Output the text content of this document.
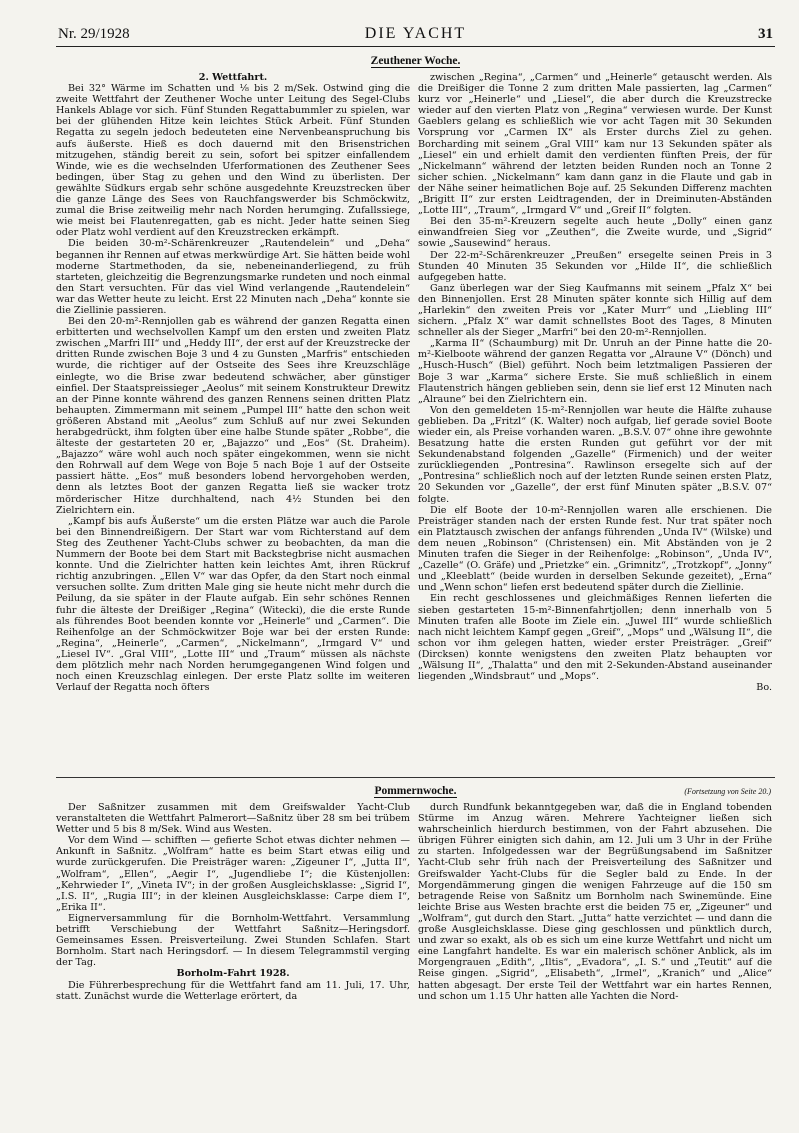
Nr. 29/1928	DIE YACHT	31
Zeuthener Woche.

2. Wettfahrt.

Bei 32° Wärme im Schatten und ⅛ bis 2 m/Sek. Ostwind ging die zweite Wettfahrt der Zeuthener Woche unter Leitung des Segel-Clubs Hankels Ablage vor sich. Fünf Stunden Regattabummler zu spielen, war bei der glühenden Hitze kein leichtes Stück Arbeit. Fünf Stunden Regatta zu segeln jedoch bedeuteten eine Nervenbeanspruchung bis aufs äußerste. Hieß es doch dauernd mit den Brisenstrichen mitzugehen, ständig bereit zu sein, sofort bei spitzer einfallendem Winde, wie es die wechselnden Uferformationen des Zeuthener Sees bedingen, über Stag zu gehen und den Wind zu überlisten. Der gewählte Südkurs ergab sehr schöne ausgedehnte Kreuzstrecken über die ganze Länge des Sees von Rauchfangswerder bis Schmöckwitz, zumal die Brise zeitweilig mehr nach Norden herumging. Zufallssiege, wie meist bei Flautenregatten, gab es nicht. Jeder hatte seinen Sieg oder Platz wohl verdient auf den Kreuzstrecken erkämpft.

Die beiden 30-m²-Schärenkreuzer „Rautendelein“ und „Deha“ begannen ihr Rennen auf etwas merkwürdige Art. Sie hätten beide wohl moderne Startmethoden, da sie, nebeneinanderliegend, zu früh starteten, gleichzeitig die Begrenzungsmarke rundeten und noch einmal den Start versuchten. Für das viel Wind verlangende „Rautendelein“ war das Wetter heute zu leicht. Erst 22 Minuten nach „Deha“ konnte sie die Ziellinie passieren.

Bei den 20-m²-Rennjollen gab es während der ganzen Regatta einen erbitterten und wechselvollen Kampf um den ersten und zweiten Platz zwischen „Marfri III“ und „Heddy III“, der erst auf der Kreuzstrecke der dritten Runde zwischen Boje 3 und 4 zu Gunsten „Marfris“ entschieden wurde, die richtiger auf der Ostseite des Sees ihre Kreuzschläge einlegte, wo die Brise zwar bedeutend schwächer, aber günstiger einfiel. Der Staatspreissieger „Aeolus“ mit seinem Konstrukteur Drewitz an der Pinne konnte während des ganzen Rennens seinen dritten Platz behaupten. Zimmermann mit seinem „Pumpel III“ hatte den schon weit größeren Abstand mit „Aeolus“ zum Schluß auf nur zwei Sekunden herabgedrückt, ihm folgten über eine halbe Stunde später „Robbe“, die älteste der gestarteten 20 er, „Bajazzo“ und „Eos“ (St. Draheim). „Bajazzo“ wäre wohl auch noch später eingekommen, wenn sie nicht den Rohrwall auf dem Wege von Boje 5 nach Boje 1 auf der Ostseite passiert hätte. „Eos“ muß besonders lobend hervorgehoben werden, denn als letztes Boot der ganzen Regatta ließ sie wacker trotz mörderischer Hitze durchhaltend, nach 4½ Stunden bei den Zielrichtern ein.

„Kampf bis aufs Äußerste“ um die ersten Plätze war auch die Parole bei den Binnendreißigern. Der Start war vom Richterstand auf dem Steg des Zeuthener Yacht-Clubs schwer zu beobachten, da man die Nummern der Boote bei dem Start mit Backstegbrise nicht ausmachen konnte. Und die Zielrichter hatten kein leichtes Amt, ihren Rückruf richtig anzubringen. „Ellen V“ war das Opfer, da den Start noch einmal versuchen sollte. Zum dritten Male ging sie heute nicht mehr durch die Peilung, da sie später in der Flaute aufgab. Ein sehr schönes Rennen fuhr die älteste der Dreißiger „Regina“ (Witecki), die die erste Runde als führendes Boot beenden konnte vor „Heinerle“ und „Carmen“. Die Reihenfolge an der Schmöckwitzer Boje war bei der ersten Runde: „Regina“, „Heinerle“, „Carmen“, „Nickelmann“, „Irmgard V“ und „Liesel IV“. „Gral VIII“, „Lotte III“ und „Traum“ müssen als nächste dem plötzlich mehr nach Norden herumgegangenen Wind folgen und noch einen Kreuzschlag einlegen. Der erste Platz sollte im weiteren Verlauf der Regatta noch öfters

zwischen „Regina“, „Carmen“ und „Heinerle“ getauscht werden. Als die Dreißiger die Tonne 2 zum dritten Male passierten, lag „Carmen“ kurz vor „Heinerle“ und „Liesel“, die aber durch die Kreuzstrecke wieder auf den vierten Platz von „Regina“ verwiesen wurde. Der Kunst Gaeblers gelang es schließlich wie vor acht Tagen mit 30 Sekunden Vorsprung vor „Carmen IX“ als Erster durchs Ziel zu gehen. Borcharding mit seinem „Gral VIII“ kam nur 13 Sekunden später als „Liesel“ ein und erhielt damit den verdienten fünften Preis, der für „Nickelmann“ während der letzten beiden Runden noch an Tonne 2 sicher schien. „Nickelmann“ kam dann ganz in die Flaute und gab in der Nähe seiner heimatlichen Boje auf. 25 Sekunden Differenz machten „Brigitt II“ zur ersten Leidtragenden, der in Dreiminuten-Abständen „Lotte III“, „Traum“, „Irmgard V“ und „Greif II“ folgten.

Bei den 35-m²-Kreuzern segelte auch heute „Dolly“ einen ganz einwandfreien Sieg vor „Zeuthen“, die Zweite wurde, und „Sigrid“ sowie „Sausewind“ heraus.

Der 22-m²-Schärenkreuzer „Preußen“ ersegelte seinen Preis in 3 Stunden 40 Minuten 35 Sekunden vor „Hilde II“, die schließlich aufgegeben hatte.

Ganz überlegen war der Sieg Kaufmanns mit seinem „Pfalz X“ bei den Binnenjollen. Erst 28 Minuten später konnte sich Hillig auf dem „Harlekin“ den zweiten Preis vor „Kater Murr“ und „Liebling III“ sichern. „Pfalz X“ war damit schnellstes Boot des Tages, 8 Minuten schneller als der Sieger „Marfri“ bei den 20-m²-Rennjollen.

„Karma II“ (Schaumburg) mit Dr. Unruh an der Pinne hatte die 20-m²-Kielboote während der ganzen Regatta vor „Alraune V“ (Dönch) und „Husch-Husch“ (Biel) geführt. Noch beim letztmaligen Passieren der Boje 3 war „Karma“ sichere Erste. Sie muß schließlich in einem Flautenstrich hängen geblieben sein, denn sie lief erst 12 Minuten nach „Alraune“ bei den Zielrichtern ein.

Von den gemeldeten 15-m²-Rennjollen war heute die Hälfte zuhause geblieben. Da „Fritzl“ (K. Walter) noch aufgab, lief gerade soviel Boote wieder ein, als Preise vorhanden waren. „B.S.V. 07“ ohne ihre gewohnte Besatzung hatte die ersten Runden gut geführt vor der mit Sekundenabstand folgenden „Gazelle“ (Firmenich) und der weiter zurückliegenden „Pontresina“. Rawlinson ersegelte sich auf der „Pontresina“ schließlich noch auf der letzten Runde seinen ersten Platz, 20 Sekunden vor „Gazelle“, der erst fünf Minuten später „B.S.V. 07“ folgte.

Die elf Boote der 10-m²-Rennjollen waren alle erschienen. Die Preisträger standen nach der ersten Runde fest. Nur trat später noch ein Platztausch zwischen der anfangs führenden „Unda IV“ (Wilske) und dem neuen „Robinson“ (Christensen) ein. Mit Abständen von je 2 Minuten trafen die Sieger in der Reihenfolge: „Robinson“, „Unda IV“, „Cazelle“ (O. Gräfe) und „Prietzke“ ein. „Grimnitz“, „Trotzkopf“, „Jonny“ und „Kleeblatt“ (beide wurden in derselben Sekunde gezeitet), „Erna“ und „Wenn schon“ liefen erst bedeutend später durch die Ziellinie.

Ein recht geschlossenes und gleichmäßiges Rennen lieferten die sieben gestarteten 15-m²-Binnenfahrtjollen; denn innerhalb von 5 Minuten trafen alle Boote im Ziele ein. „Juwel III“ wurde schließlich nach nicht leichtem Kampf gegen „Greif“, „Mops“ und „Wälsung II“, die schon vor ihm gelegen hatten, wieder erster Preisträger. „Greif“ (Dircksen) konnte wenigstens den zweiten Platz behaupten vor „Wälsung II“, „Thalatta“ und den mit 2-Sekunden-Abstand auseinander liegenden „Windsbraut“ und „Mops“.

Bo.

Pommernwoche.	(Fortsetzung von Seite 20.)

Der Saßnitzer zusammen mit dem Greifswalder Yacht-Club veranstalteten die Wettfahrt Palmerort—Saßnitz über 28 sm bei trübem Wetter und 5 bis 8 m/Sek. Wind aus Westen.

Vor dem Wind — schifften — gefierte Schot etwas dichter nehmen — Ankunft in Saßnitz. „Wolfram“ hatte es beim Start etwas eilig und wurde zurückgerufen. Die Preisträger waren: „Zigeuner I“, „Jutta II“, „Wolfram“, „Ellen“, „Aegir I“, „Jugendliebe I“; die Küstenjollen: „Kehrwieder I“, „Vineta IV“; in der großen Ausgleichsklasse: „Sigrid I“, „I.S. II“, „Rugia III“; in der kleinen Ausgleichsklasse: Carpe diem I“, „Erika II“.

Eignerversammlung für die Bornholm-Wettfahrt. Versammlung betrifft Verschiebung der Wettfahrt Saßnitz—Heringsdorf. Gemeinsames Essen. Preisverteilung. Zwei Stunden Schlafen. Start Bornholm. Start nach Heringsdorf. — In diesem Telegrammstil verging der Tag.

Borholm-Fahrt 1928.

Die Führerbesprechung für die Wettfahrt fand am 11. Juli, 17. Uhr, statt. Zunächst wurde die Wetterlage erörtert, da

durch Rundfunk bekanntgegeben war, daß die in England tobenden Stürme im Anzug wären. Mehrere Yachteigner ließen sich wahrscheinlich hierdurch bestimmen, von der Fahrt abzusehen. Die übrigen Führer einigten sich dahin, am 12. Juli um 3 Uhr in der Frühe zu starten. Infolgedessen war der Begrüßungsabend im Saßnitzer Yacht-Club sehr früh nach der Preisverteilung des Saßnitzer und Greifswalder Yacht-Clubs für die Segler bald zu Ende. In der Morgendämmerung gingen die wenigen Fahrzeuge auf die 150 sm betragende Reise von Saßnitz um Bornholm nach Swinemünde. Eine leichte Brise aus Westen brachte erst die beiden 75 er, „Zigeuner“ und „Wolfram“, gut durch den Start. „Jutta“ hatte verzichtet — und dann die große Ausgleichsklasse. Diese ging geschlossen und pünktlich durch, und zwar so exakt, als ob es sich um eine kurze Wettfahrt und nicht um eine Langfahrt handelte. Es war ein malerisch schöner Anblick, als im Morgengrauen „Edith“, „Iltis“, „Evadora“, „I. S.“ und „Teutit“ auf die Reise gingen. „Sigrid“, „Elisabeth“, „Irmel“, „Kranich“ und „Alice“ hatten abgesagt. Der erste Teil der Wettfahrt war ein hartes Rennen, und schon um 1.15 Uhr hatten alle Yachten die Nord-
